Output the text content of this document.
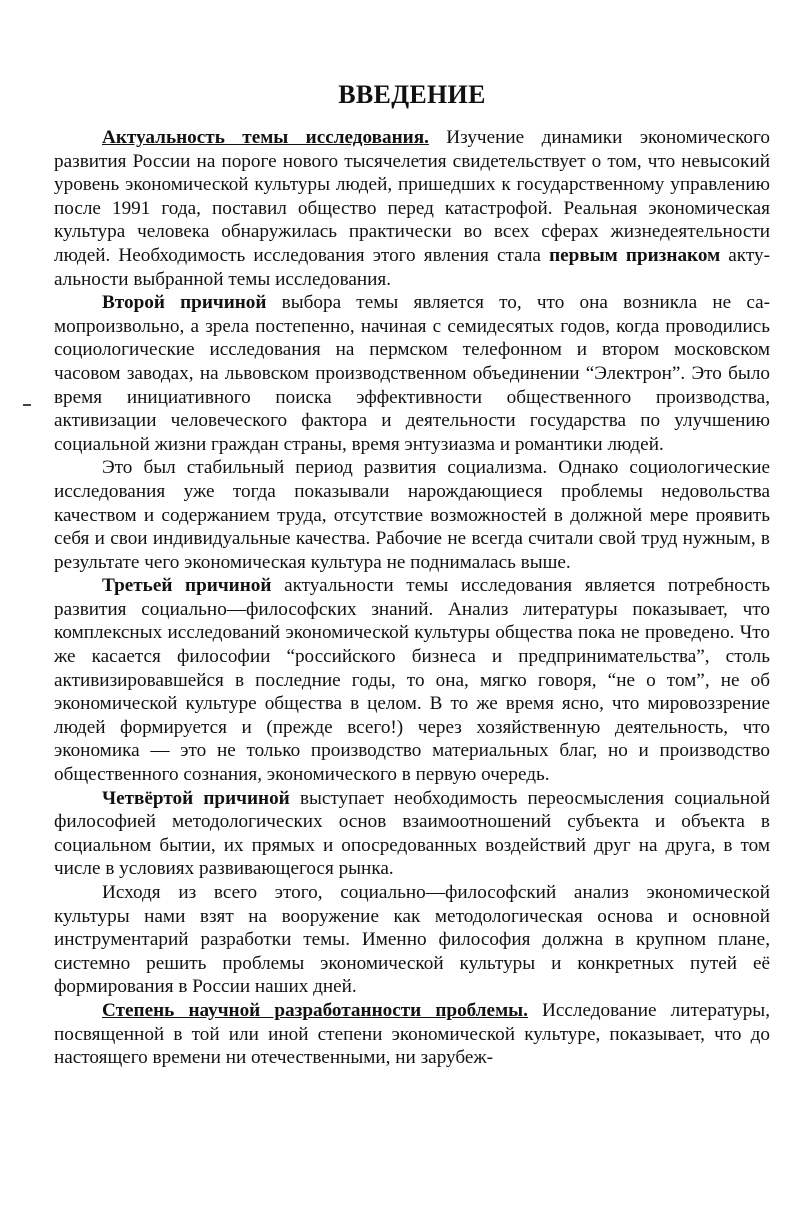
ВВЕДЕНИЕ

Актуальность темы исследования. Изучение динамики экономического развития России на пороге нового тысячелетия свидетельствует о том, что невысокий уровень экономической культуры людей, пришедших к государственному управлению после 1991 года, поставил общество перед катастрофой. Реальная экономическая культура человека обнаружилась практически во всех сферах жизнедеятельности людей. Необходимость исследования этого явления стала первым признаком актуальности выбранной темы исследования.

Второй причиной выбора темы является то, что она возникла не самопроизвольно, а зрела постепенно, начиная с семидесятых годов, когда проводились социологические исследования на пермском телефонном и втором московском часовом заводах, на львовском производственном объединении “Электрон”. Это было время инициативного поиска эффективности общественного производства, активизации человеческого фактора и деятельности государства по улучшению социальной жизни граждан страны, время энтузиазма и романтики людей.

Это был стабильный период развития социализма. Однако социологические исследования уже тогда показывали нарождающиеся проблемы недовольства качеством и содержанием труда, отсутствие возможностей в должной мере проявить себя и свои индивидуальные качества. Рабочие не всегда считали свой труд нужным, в результате чего экономическая культура не поднималась выше.

Третьей причиной актуальности темы исследования является потребность развития социально—философских знаний. Анализ литературы показывает, что комплексных исследований экономической культуры общества пока не проведено. Что же касается философии “российского бизнеса и предпринимательства”, столь активизировавшейся в последние годы, то она, мягко говоря, “не о том”, не об экономической культуре общества в целом. В то же время ясно, что мировоззрение людей формируется и (прежде всего!) через хозяйственную деятельность, что экономика — это не только производство материальных благ, но и производство общественного сознания, экономического в первую очередь.

Четвёртой причиной выступает необходимость переосмысления социальной философией методологических основ взаимоотношений субъекта и объекта в социальном бытии, их прямых и опосредованных воздействий друг на друга, в том числе в условиях развивающегося рынка.

Исходя из всего этого, социально—философский анализ экономической культуры нами взят на вооружение как методологическая основа и основной инструментарий разработки темы. Именно философия должна в крупном плане, системно решить проблемы экономической культуры и конкретных путей её формирования в России наших дней.

Степень научной разработанности проблемы. Исследование литературы, посвященной в той или иной степени экономической культуре, показывает, что до настоящего времени ни отечественными, ни зарубеж-
